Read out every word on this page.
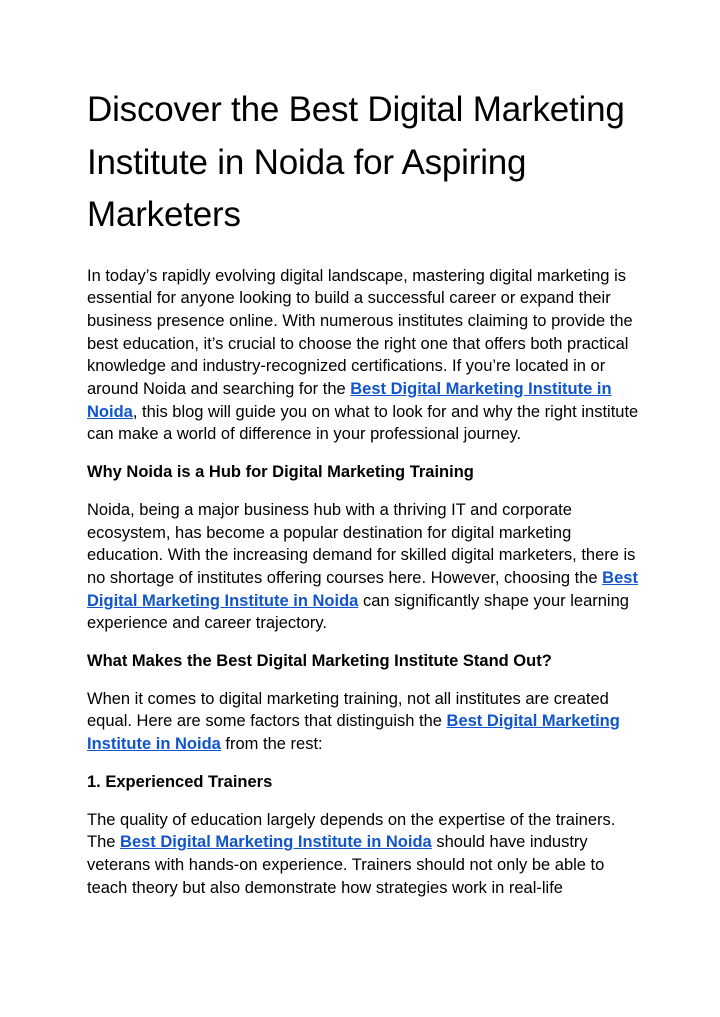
Discover the Best Digital Marketing Institute in Noida for Aspiring Marketers

In today’s rapidly evolving digital landscape, mastering digital marketing is essential for anyone looking to build a successful career or expand their business presence online. With numerous institutes claiming to provide the best education, it’s crucial to choose the right one that offers both practical knowledge and industry-recognized certifications. If you’re located in or around Noida and searching for the Best Digital Marketing Institute in Noida, this blog will guide you on what to look for and why the right institute can make a world of difference in your professional journey.

Why Noida is a Hub for Digital Marketing Training

Noida, being a major business hub with a thriving IT and corporate ecosystem, has become a popular destination for digital marketing education. With the increasing demand for skilled digital marketers, there is no shortage of institutes offering courses here. However, choosing the Best Digital Marketing Institute in Noida can significantly shape your learning experience and career trajectory.

What Makes the Best Digital Marketing Institute Stand Out?

When it comes to digital marketing training, not all institutes are created equal. Here are some factors that distinguish the Best Digital Marketing Institute in Noida from the rest:

1. Experienced Trainers

The quality of education largely depends on the expertise of the trainers. The Best Digital Marketing Institute in Noida should have industry veterans with hands-on experience. Trainers should not only be able to teach theory but also demonstrate how strategies work in real-life
